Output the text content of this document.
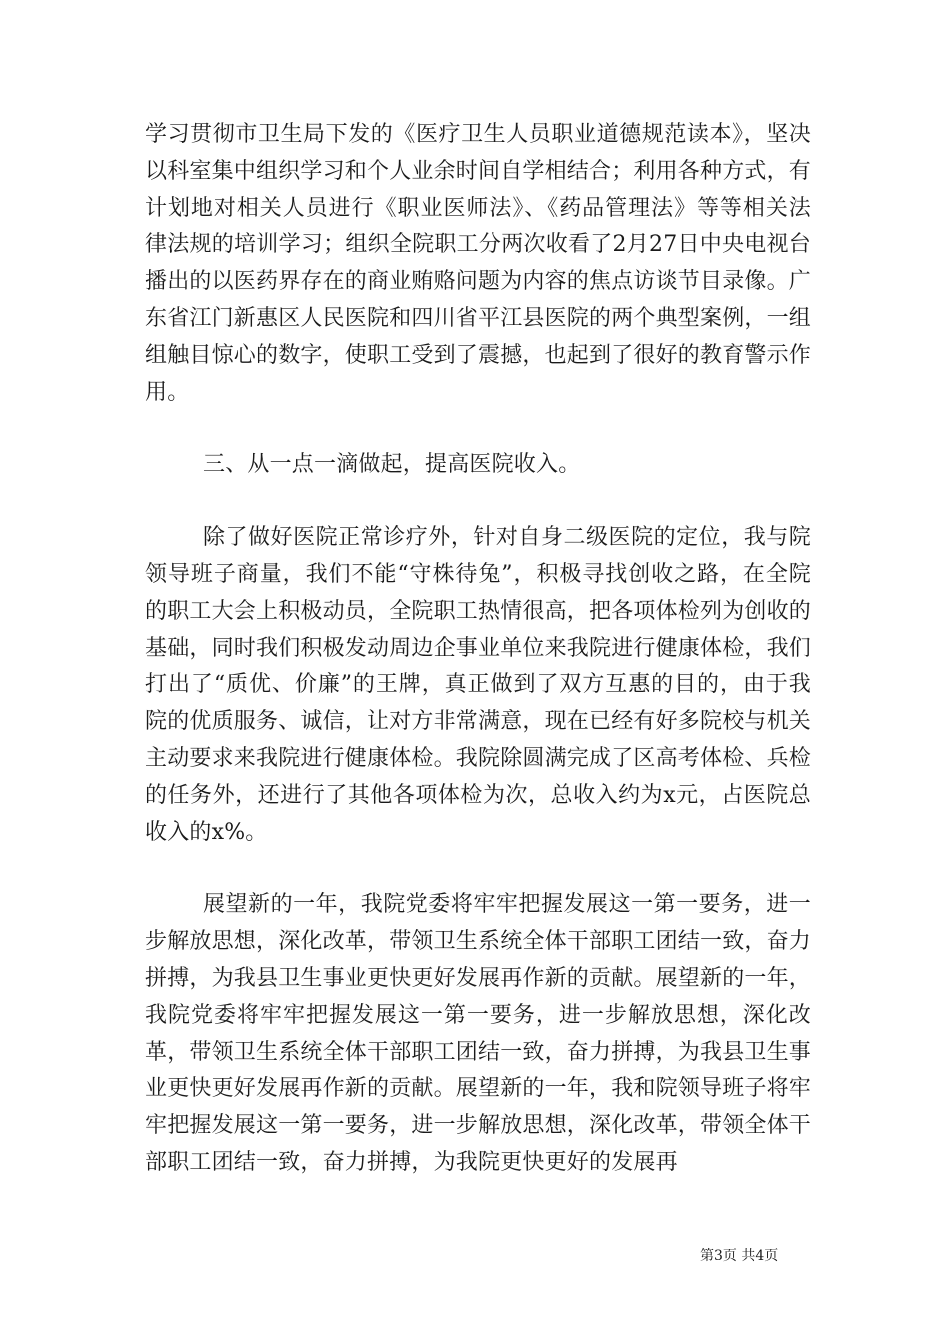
学习贯彻市卫生局下发的《医疗卫生人员职业道德规范读本》，坚决以科室集中组织学习和个人业余时间自学相结合；利用各种方式，有计划地对相关人员进行《职业医师法》、《药品管理法》等等相关法律法规的培训学习；组织全院职工分两次收看了2月27日中央电视台播出的以医药界存在的商业贿赂问题为内容的焦点访谈节目录像。广东省江门新惠区人民医院和四川省平江县医院的两个典型案例，一组组触目惊心的数字，使职工受到了震撼，也起到了很好的教育警示作用。

三、从一点一滴做起，提高医院收入。

除了做好医院正常诊疗外，针对自身二级医院的定位，我与院领导班子商量，我们不能“守株待兔”，积极寻找创收之路，在全院的职工大会上积极动员，全院职工热情很高，把各项体检列为创收的基础，同时我们积极发动周边企事业单位来我院进行健康体检，我们打出了“质优、价廉”的王牌，真正做到了双方互惠的目的，由于我院的优质服务、诚信，让对方非常满意，现在已经有好多院校与机关主动要求来我院进行健康体检。我院除圆满完成了区高考体检、兵检的任务外，还进行了其他各项体检为次，总收入约为x元，占医院总收入的x%。

展望新的一年，我院党委将牢牢把握发展这一第一要务，进一步解放思想，深化改革，带领卫生系统全体干部职工团结一致，奋力拼搏，为我县卫生事业更快更好发展再作新的贡献。展望新的一年，我院党委将牢牢把握发展这一第一要务，进一步解放思想，深化改革，带领卫生系统全体干部职工团结一致，奋力拼搏，为我县卫生事业更快更好发展再作新的贡献。展望新的一年，我和院领导班子将牢牢把握发展这一第一要务，进一步解放思想，深化改革，带领全体干部职工团结一致，奋力拼搏，为我院更快更好的发展再

第3页 共4页
